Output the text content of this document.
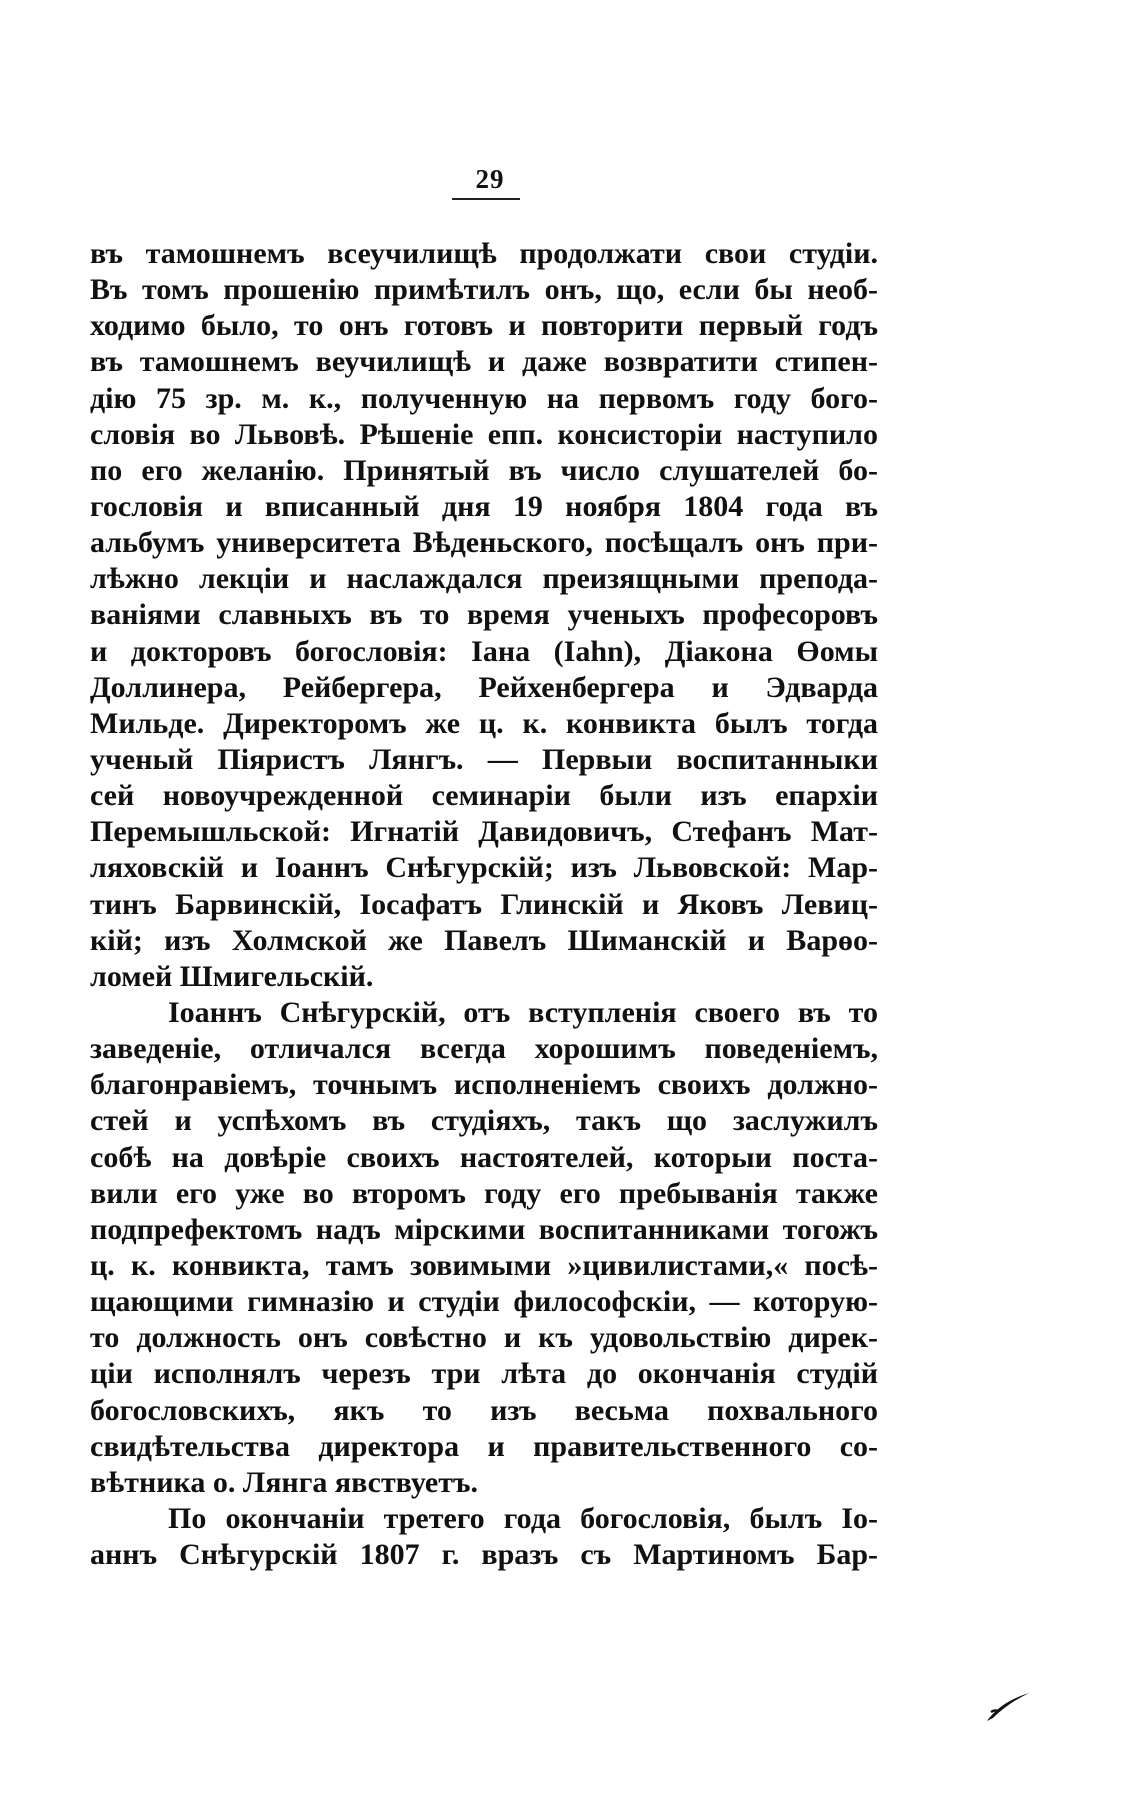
29
въ тамошнемъ всеучилищѣ продолжати свои студіи.
Въ томъ прошенію примѣтилъ онъ, що, если бы необ-
ходимо было, то онъ готовъ и повторити первый годъ
въ тамошнемъ веучилищѣ и даже возвратити стипен-
дію 75 зр. м. к., полученную на первомъ году бого-
словія во Львовѣ. Рѣшеніе епп. консисторіи наступило
по его желанію. Принятый въ число слушателей бо-
гословія и вписанный дня 19 ноября 1804 года въ
альбумъ университета Вѣденьского, посѣщалъ онъ при-
лѣжно лекціи и наслаждался преизящными препода-
ваніями славныхъ въ то время ученыхъ професоровъ
и докторовъ богословія: Іана (Iahn), Діакона Өомы
Доллинера, Рейбергера, Рейхенбергера и Эдварда
Мильде. Директоромъ же ц. к. конвикта былъ тогда
ученый Піяристъ Лянгъ. — Первыи воспитанныки
сей новоучрежденной семинаріи были изъ епархіи
Перемышльской: Игнатій Давидовичъ, Стефанъ Мат-
ляховскій и Іоаннъ Снѣгурскій; изъ Львовской: Мар-
тинъ Барвинскій, Іосафатъ Глинскій и Яковъ Левиц-
кій; изъ Холмской же Павелъ Шиманскій и Варөо-
ломей Шмигельскій.
Іоаннъ Снѣгурскій, отъ вступленія своего въ то
заведеніе, отличался всегда хорошимъ поведеніемъ,
благонравіемъ, точнымъ исполненіемъ своихъ должно-
стей и успѣхомъ въ студіяхъ, такъ що заслужилъ
собѣ на довѣріе своихъ настоятелей, которыи поста-
вили его уже во второмъ году его пребыванія также
подпрефектомъ надъ мірскими воспитанниками тогожъ
ц. к. конвикта, тамъ зовимыми »цивилистами,« посѣ-
щающими гимназію и студіи философскіи, — которую-
то должность онъ совѣстно и къ удовольствію дирек-
ціи исполнялъ черезъ три лѣта до окончанія студій
богословскихъ, якъ то изъ весьма похвального
свидѣтельства директора и правительственного со-
вѣтника о. Лянга явствуетъ.
По окончаніи третего года богословія, былъ Іо-
аннъ Снѣгурскій 1807 г. вразъ съ Мартиномъ Бар-
